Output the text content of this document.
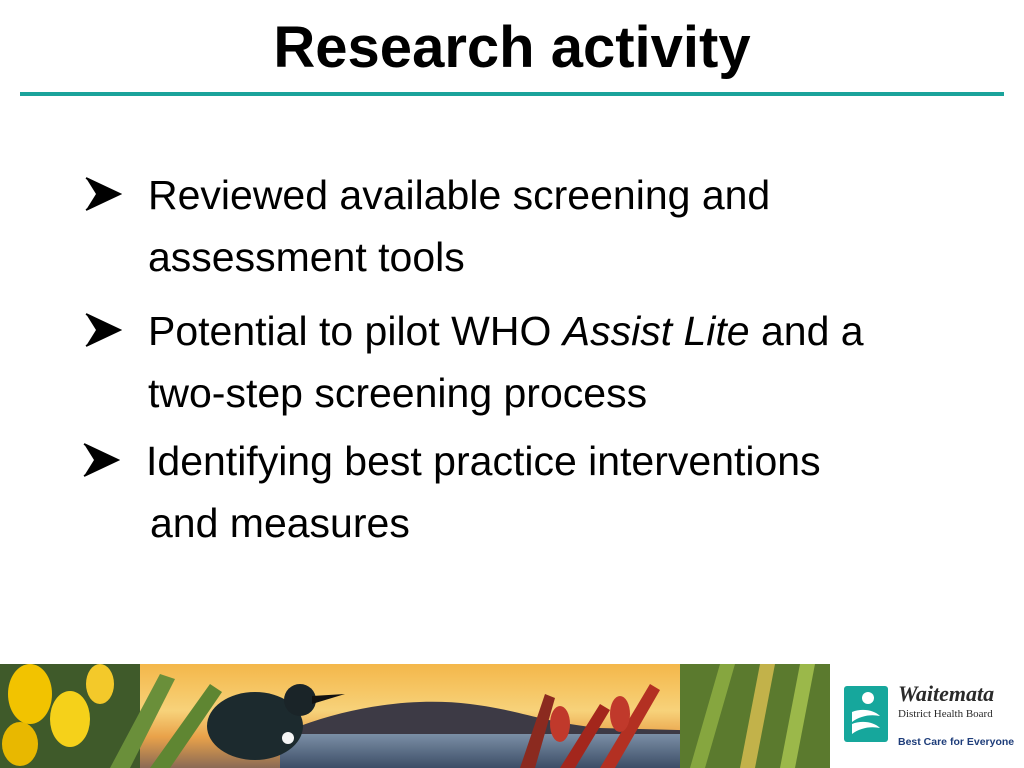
Research activity
Reviewed available screening and
assessment tools
Potential to pilot WHO Assist Lite and a
two-step screening process
Identifying best practice interventions
and measures
Waitemata
District Health Board
Best Care for Everyone
